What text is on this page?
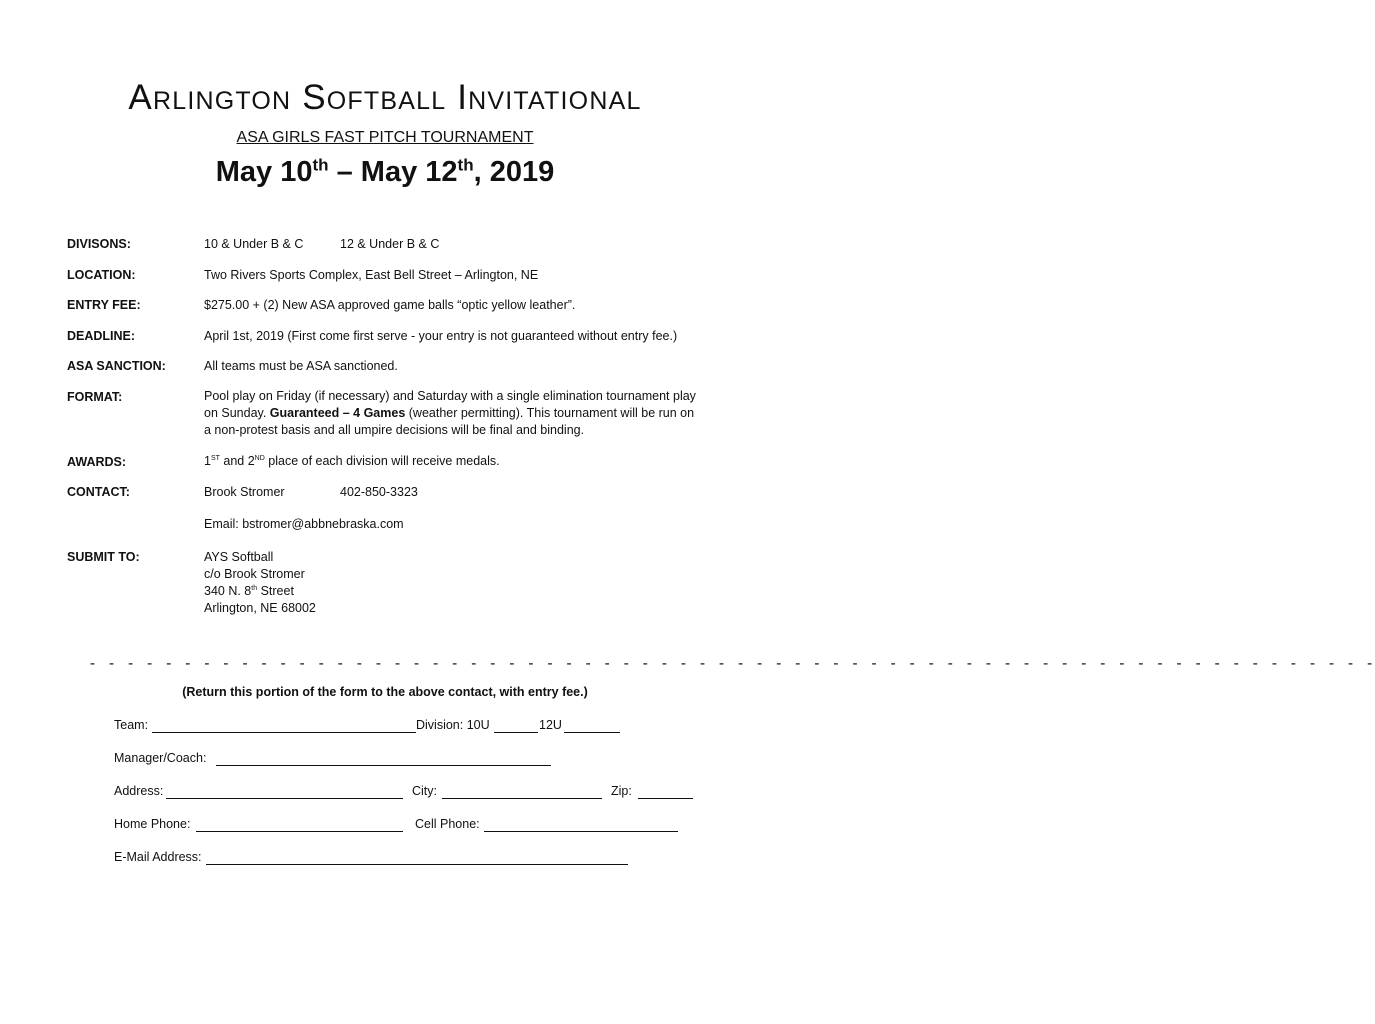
Arlington Softball Invitational
ASA GIRLS FAST PITCH TOURNAMENT
May 10th – May 12th, 2019
DIVISONS:	10 & Under B & C	12 & Under B & C
LOCATION:	Two Rivers Sports Complex, East Bell Street – Arlington, NE
ENTRY FEE:	$275.00 + (2) New ASA approved game balls “optic yellow leather”.
DEADLINE:	April 1st, 2019 (First come first serve - your entry is not guaranteed without entry fee.)
ASA SANCTION:	All teams must be ASA sanctioned.
FORMAT:	Pool play on Friday (if necessary) and Saturday with a single elimination tournament play on Sunday. Guaranteed – 4 Games (weather permitting). This tournament will be run on a non-protest basis and all umpire decisions will be final and binding.
AWARDS:	1ST and 2ND place of each division will receive medals.
CONTACT:	Brook Stromer	402-850-3323
Email: bstromer@abbnebraska.com
SUBMIT TO:	AYS Softball
c/o Brook Stromer
340 N. 8th Street
Arlington, NE 68002
- - - - - - - - - - - - - - - - - - - - - - - - - - - - - - - - - - - - - - - - - - - - - - - - - - - - - - - - - - - - - - - - - - - -
(Return this portion of the form to the above contact, with entry fee.)
Team:	Division: 10U	12U
Manager/Coach:
Address:	City:	Zip:
Home Phone:	Cell Phone:
E-Mail Address:
